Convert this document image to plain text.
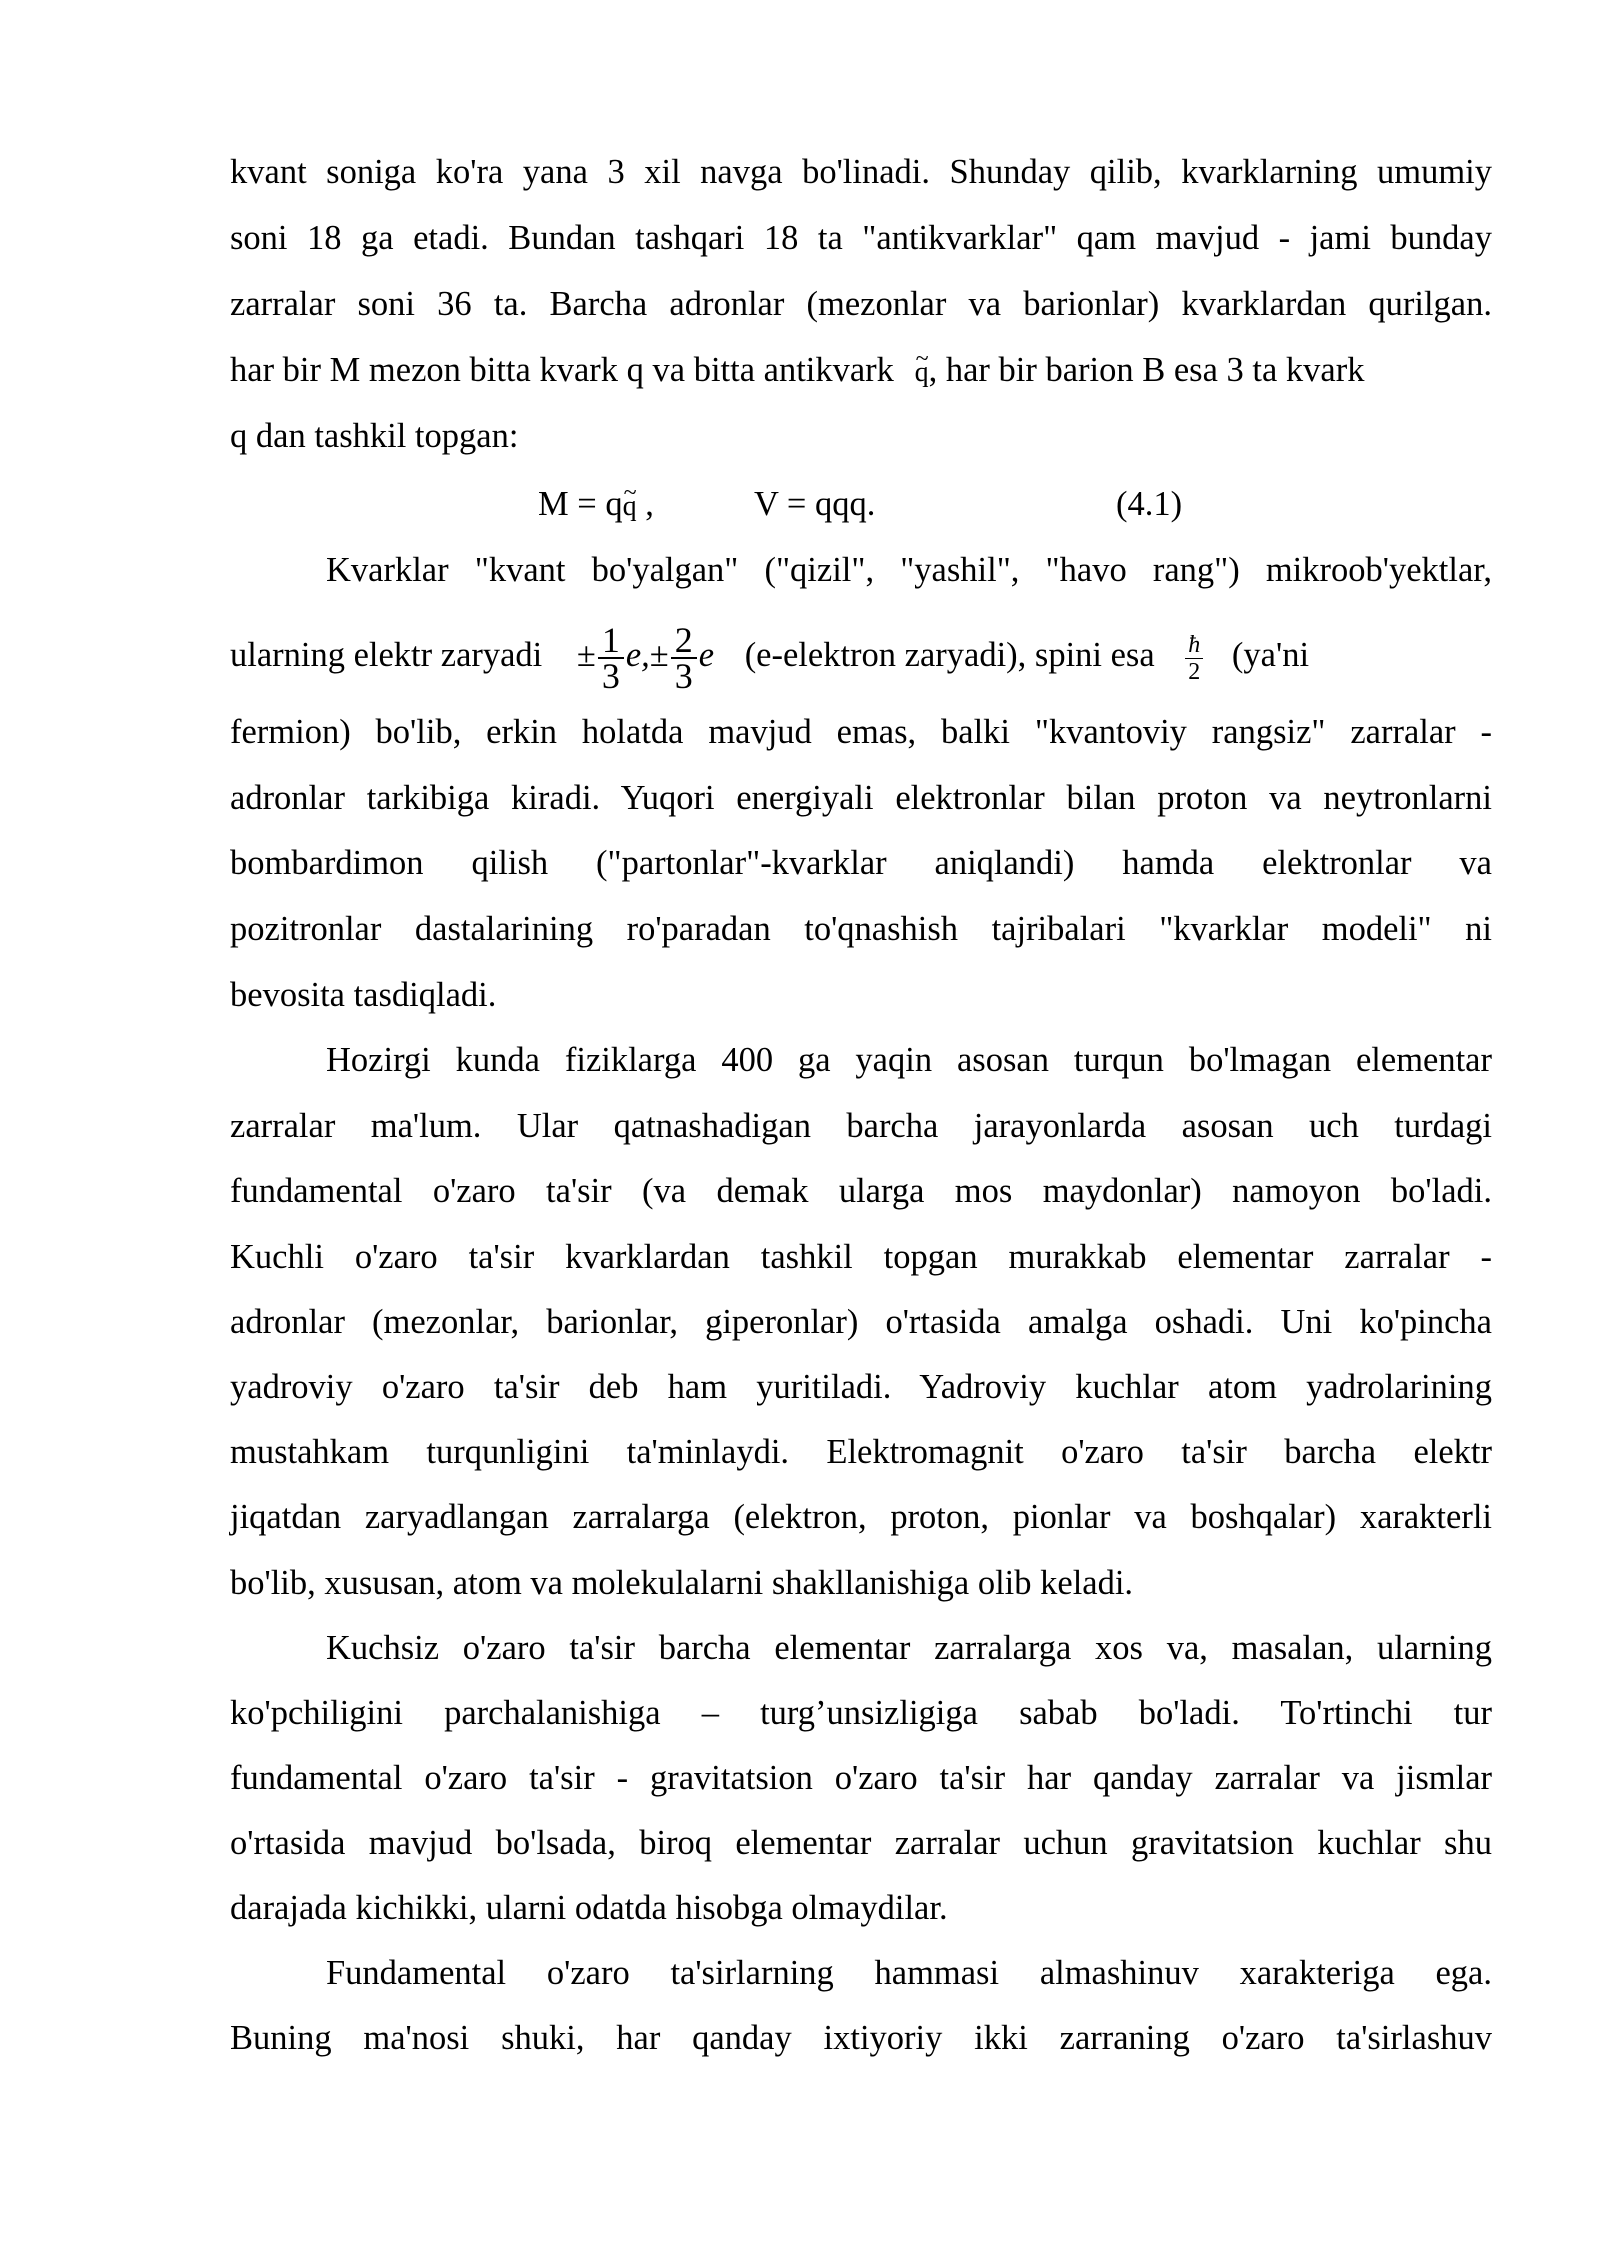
kvant soniga ko'ra yana 3 xil navga bo'linadi. Shunday qilib, kvarklarning umumiy
soni 18 ga etadi. Bundan tashqari 18 ta "antikvarklar" qam mavjud - jami bunday
zarralar soni 36 ta. Barcha adronlar (mezonlar va barionlar) kvarklardan qurilgan.
har bir M mezon bitta kvark q va bitta antikvark ~ q, har bir barion B esa 3 ta kvark
q dan tashkil topgan:
M = q~ q ,	V = qqq.	(4.1)
Kvarklar "kvant bo'yalgan" ("qizil", "yashil", "havo rang") mikroob'yektlar,
ularning elektr zaryadi ± $\frac{1}{3} e,\pm \frac{2}{3}$ e (e-elektron zaryadi), spini esa $\frac{ħ}{2} (ya'ni$
fermion) bo'lib, erkin holatda mavjud emas, balki "kvantoviy rangsiz" zarralar -
adronlar tarkibiga kiradi. Yuqori energiyali elektronlar bilan proton va neytronlarni
bombardimon qilish ("partonlar"-kvarklar aniqlandi) hamda elektronlar va
pozitronlar dastalarining ro'paradan to'qnashish tajribalari "kvarklar modeli" ni
bevosita tasdiqladi.
Hozirgi kunda fiziklarga 400 ga yaqin asosan turqun bo'lmagan elementar
zarralar ma'lum. Ular qatnashadigan barcha jarayonlarda asosan uch turdagi
fundamental o'zaro ta'sir (va demak ularga mos maydonlar) namoyon bo'ladi.
Kuchli o'zaro ta'sir kvarklardan tashkil topgan murakkab elementar zarralar -
adronlar (mezonlar, barionlar, giperonlar) o'rtasida amalga oshadi. Uni ko'pincha
yadroviy o'zaro ta'sir deb ham yuritiladi. Yadroviy kuchlar atom yadrolarining
mustahkam turqunligini ta'minlaydi. Elektromagnit o'zaro ta'sir barcha elektr
jiqatdan zaryadlangan zarralarga (elektron, proton, pionlar va boshqalar) xarakterli
bo'lib, xususan, atom va molekulalarni shakllanishiga olib keladi.
Kuchsiz o'zaro ta'sir barcha elementar zarralarga xos va, masalan, ularning
ko'pchiligini parchalanishiga – turg’unsizligiga sabab bo'ladi. To'rtinchi tur
fundamental o'zaro ta'sir - gravitatsion o'zaro ta'sir har qanday zarralar va jismlar
o'rtasida mavjud bo'lsada, biroq elementar zarralar uchun gravitatsion kuchlar shu
darajada kichikki, ularni odatda hisobga olmaydilar.
Fundamental o'zaro ta'sirlarning hammasi almashinuv xarakteriga ega.
Buning ma'nosi shuki, har qanday ixtiyoriy ikki zarraning o'zaro ta'sirlashuv
